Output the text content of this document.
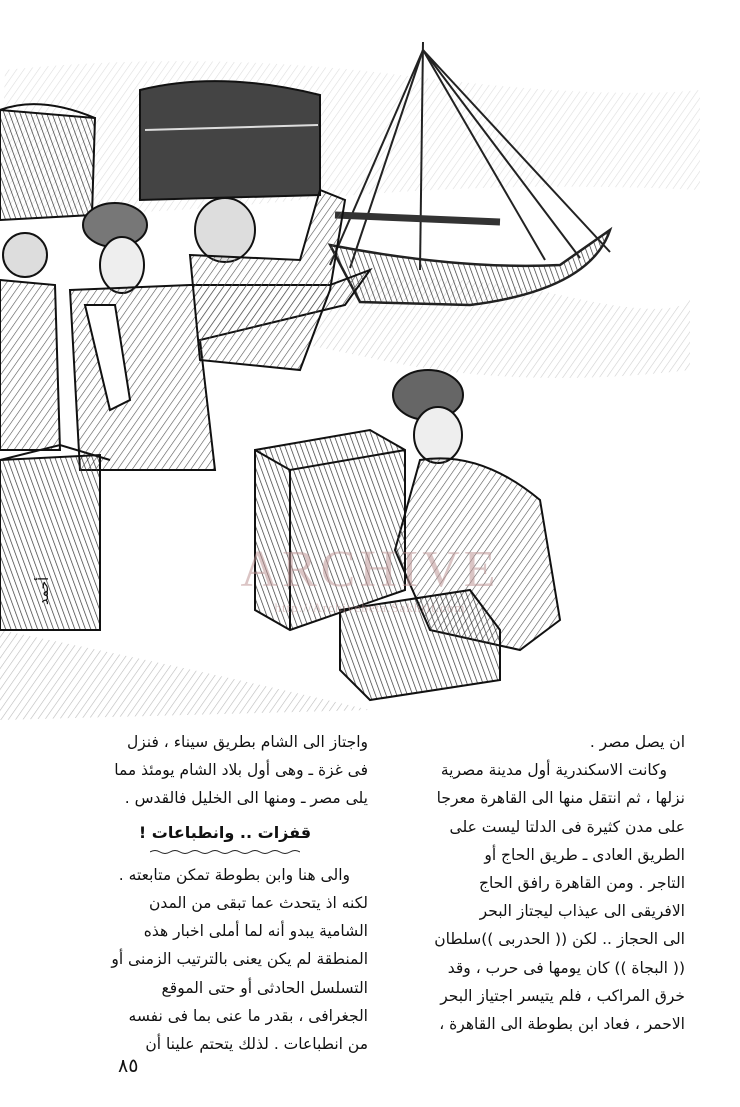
أحمد	ARCHIVE
http://Archivebeta.Sakhrit.com

ان يصل مصر .

وكانت الاسكندرية أول مدينة مصرية

نزلها ، ثم انتقل منها الى القاهرة معرجا

على مدن كثيرة فى الدلتا ليست على

الطريق العادى ـ طريق الحاج أو

التاجر . ومن القاهرة رافق الحاج

الافريقى الى عيذاب ليجتاز البحر

الى الحجاز .. لكن (( الحدربى ))سلطان

(( البجاة )) كان يومها فى حرب ، وقد

خرق المراكب ، فلم يتيسر اجتياز البحر

الاحمر ، فعاد ابن بطوطة الى القاهرة ،

واجتاز الى الشام بطريق سيناء ، فنزل

فى غزة ـ وهى أول بلاد الشام يومئذ مما

يلى مصر ـ ومنها الى الخليل فالقدس .

قفزات .. وانطباعات !

والى هنا وابن بطوطة تمكن متابعته .

لكنه اذ يتحدث عما تبقى من المدن

الشامية يبدو أنه لما أملى اخبار هذه

المنطقة لم يكن يعنى بالترتيب الزمنى أو

التسلسل الحادثى أو حتى الموقع

الجغرافى ، بقدر ما عنى بما فى نفسه

من انطباعات . لذلك يتحتم علينا أن

٨٥
